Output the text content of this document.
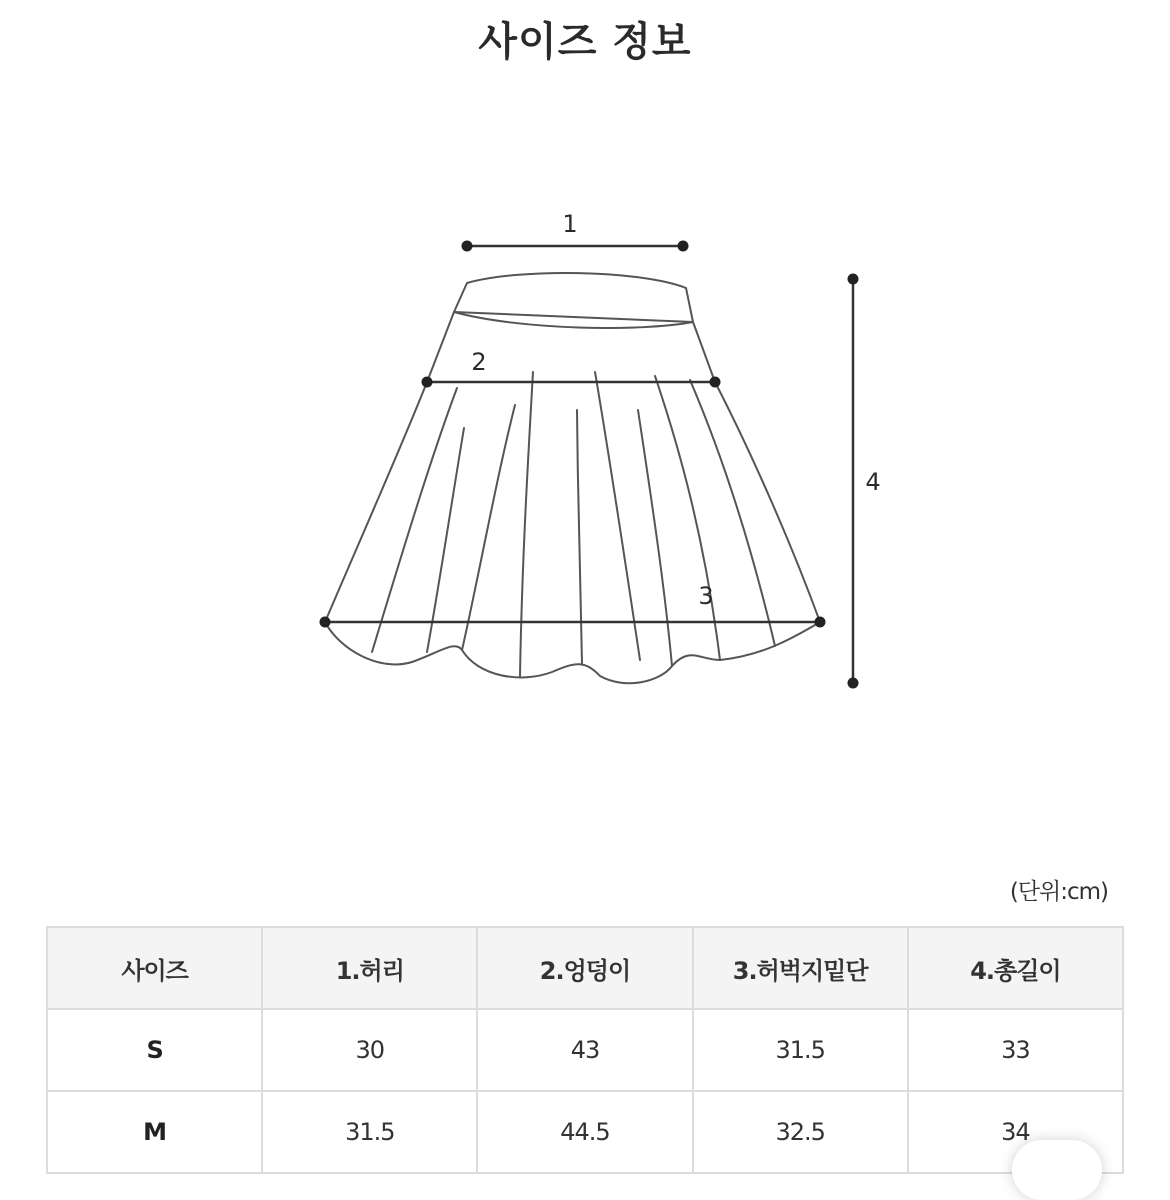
사이즈 정보
1
2
3
4
(단위:cm)
사이즈	1.허리	2.엉덩이	3.허벅지밑단	4.총길이
S	30	43	31.5	33
M	31.5	44.5	32.5	34
